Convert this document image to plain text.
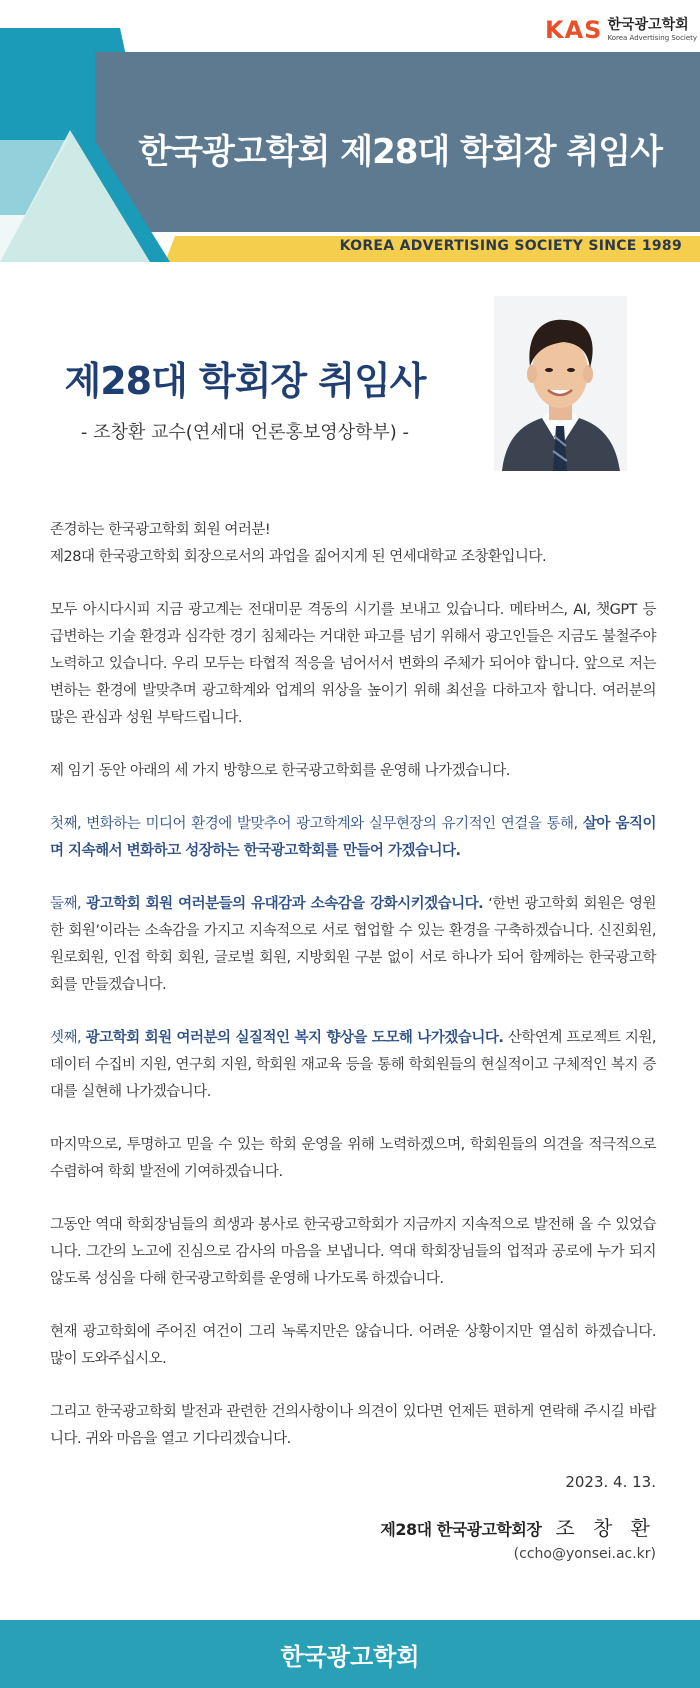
KAS 한국광고학회
Korea Advertising Society
한국광고학회 제28대 학회장 취임사
KOREA ADVERTISING SOCIETY SINCE 1989
제28대 학회장 취임사
- 조창환 교수(연세대 언론홍보영상학부) -
존경하는 한국광고학회 회원 여러분!
제28대 한국광고학회 회장으로서의 과업을 짊어지게 된 연세대학교 조창환입니다.
모두 아시다시피 지금 광고계는 전대미문 격동의 시기를 보내고 있습니다. 메타버스, AI, 챗GPT 등 급변하는 기술 환경과 심각한 경기 침체라는 거대한 파고를 넘기 위해서 광고인들은 지금도 불철주야 노력하고 있습니다. 우리 모두는 타협적 적응을 넘어서서 변화의 주체가 되어야 합니다. 앞으로 저는 변하는 환경에 발맞추며 광고학계와 업계의 위상을 높이기 위해 최선을 다하고자 합니다. 여러분의 많은 관심과 성원 부탁드립니다.
제 임기 동안 아래의 세 가지 방향으로 한국광고학회를 운영해 나가겠습니다.
첫째, 변화하는 미디어 환경에 발맞추어 광고학계와 실무현장의 유기적인 연결을 통해, 살아 움직이며 지속해서 변화하고 성장하는 한국광고학회를 만들어 가겠습니다.
둘째, 광고학회 회원 여러분들의 유대감과 소속감을 강화시키겠습니다. ‘한번 광고학회 회원은 영원한 회원’이라는 소속감을 가지고 지속적으로 서로 협업할 수 있는 환경을 구축하겠습니다. 신진회원, 원로회원, 인접 학회 회원, 글로벌 회원, 지방회원 구분 없이 서로 하나가 되어 함께하는 한국광고학회를 만들겠습니다.
셋째, 광고학회 회원 여러분의 실질적인 복지 향상을 도모해 나가겠습니다. 산학연계 프로젝트 지원, 데이터 수집비 지원, 연구회 지원, 학회원 재교육 등을 통해 학회원들의 현실적이고 구체적인 복지 증대를 실현해 나가겠습니다.
마지막으로, 투명하고 믿을 수 있는 학회 운영을 위해 노력하겠으며, 학회원들의 의견을 적극적으로 수렴하여 학회 발전에 기여하겠습니다.
그동안 역대 학회장님들의 희생과 봉사로 한국광고학회가 지금까지 지속적으로 발전해 올 수 있었습니다. 그간의 노고에 진심으로 감사의 마음을 보냅니다. 역대 학회장님들의 업적과 공로에 누가 되지 않도록 성심을 다해 한국광고학회를 운영해 나가도록 하겠습니다.
현재 광고학회에 주어진 여건이 그리 녹록지만은 않습니다. 어려운 상황이지만 열심히 하겠습니다. 많이 도와주십시오.
그리고 한국광고학회 발전과 관련한 건의사항이나 의견이 있다면 언제든 편하게 연락해 주시길 바랍니다. 귀와 마음을 열고 기다리겠습니다.
2023. 4. 13.
제28대 한국광고학회장 조 창 환
(ccho@yonsei.ac.kr)
한국광고학회
